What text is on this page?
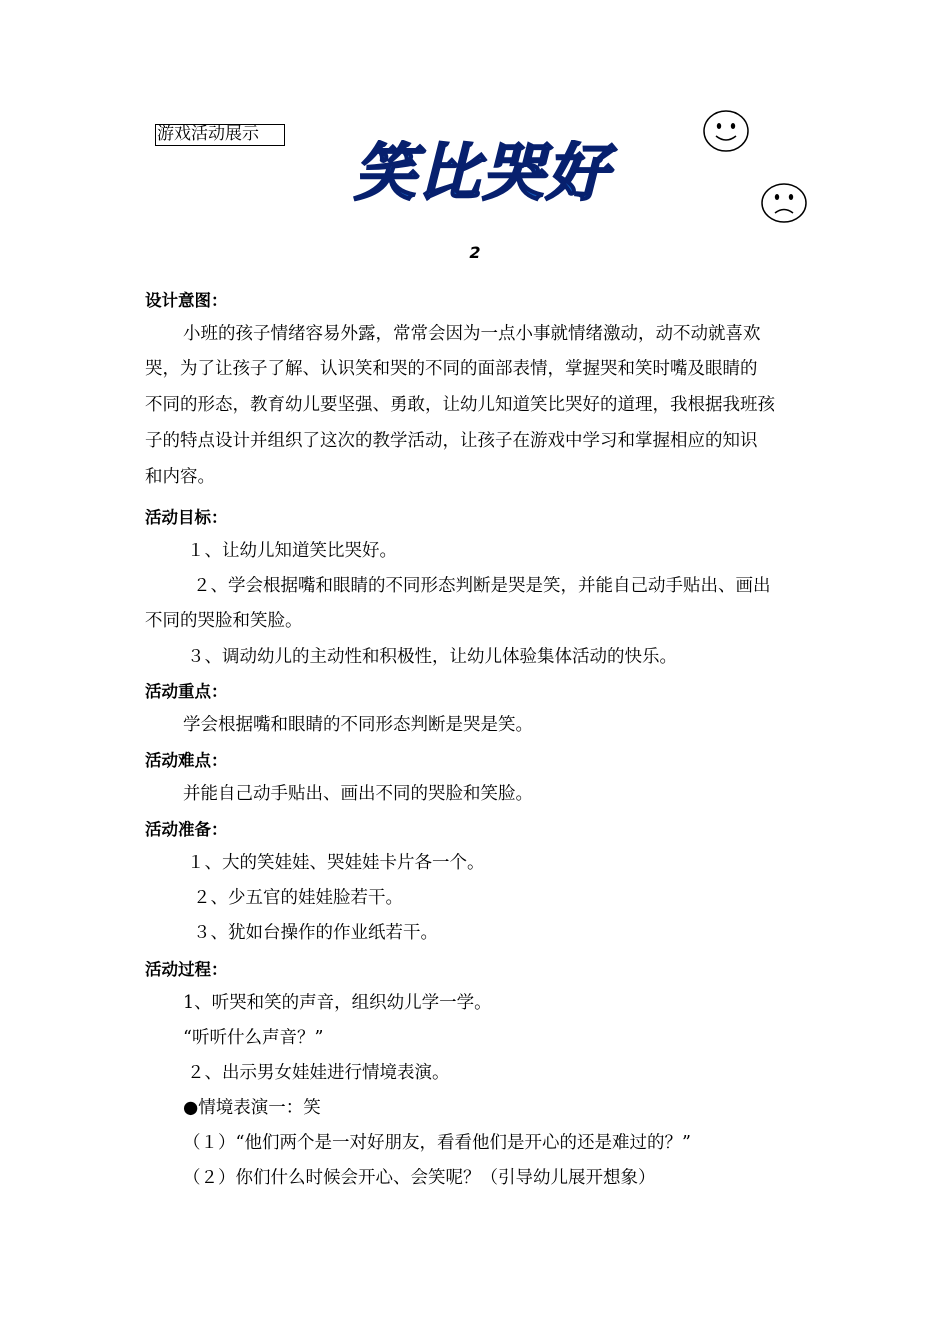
游戏活动展示
笑比哭好
2
设计意图：
小班的孩子情绪容易外露，常常会因为一点小事就情绪激动，动不动就喜欢
哭，为了让孩子了解、认识笑和哭的不同的面部表情，掌握哭和笑时嘴及眼睛的
不同的形态，教育幼儿要坚强、勇敢，让幼儿知道笑比哭好的道理，我根据我班孩
子的特点设计并组织了这次的教学活动，让孩子在游戏中学习和掌握相应的知识
和内容。
活动目标：
１、让幼儿知道笑比哭好。
２、学会根据嘴和眼睛的不同形态判断是哭是笑，并能自己动手贴出、画出
不同的哭脸和笑脸。
３、调动幼儿的主动性和积极性，让幼儿体验集体活动的快乐。
活动重点：
学会根据嘴和眼睛的不同形态判断是哭是笑。
活动难点：
并能自己动手贴出、画出不同的哭脸和笑脸。
活动准备：
１、大的笑娃娃、哭娃娃卡片各一个。
２、少五官的娃娃脸若干。
３、犹如台操作的作业纸若干。
活动过程：
1、听哭和笑的声音，组织幼儿学一学。
“听听什么声音？”
２、出示男女娃娃进行情境表演。
●情境表演一：笑
（１）“他们两个是一对好朋友，看看他们是开心的还是难过的？”
（２）你们什么时候会开心、会笑呢？（引导幼儿展开想象）
